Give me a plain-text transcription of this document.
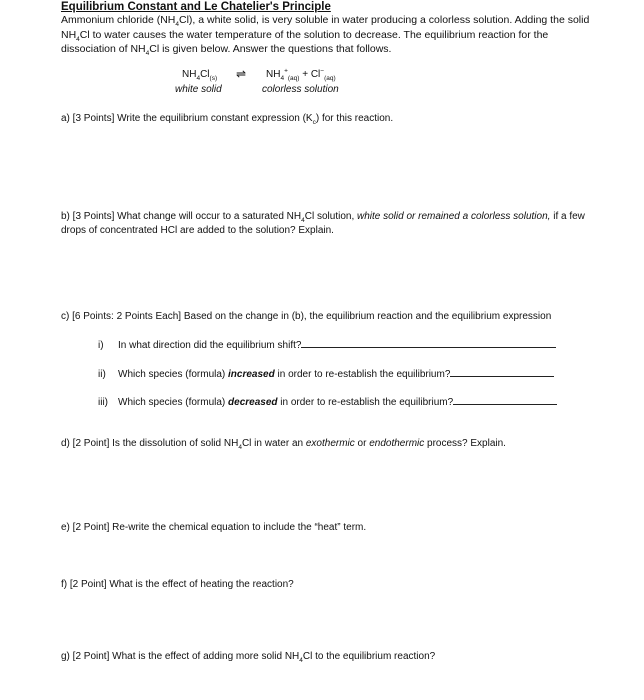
Equilibrium Constant and Le Chatelier's Principle
Ammonium chloride $(NH_4Cl)$, a white solid, is very soluble in water producing a colorless solution. Adding the solid $NH_4Cl$ to water causes the water temperature of the solution to decrease. The equilibrium reaction for the dissociation of $NH_4Cl$ is given below. Answer the questions that follows.
$NH_4Cl_{(s)}$ ⇌ $NH_4^+_{(aq)} + Cl^-_{(aq)}$
white solid	colorless solution
a) [3 Points] Write the equilibrium constant expression $(K_c)$ for this reaction.
b) [3 Points] What change will occur to a saturated $NH_4Cl$ solution, white solid or remained a colorless solution, if a few drops of concentrated HCl are added to the solution? Explain.
c) [6 Points: 2 Points Each] Based on the change in (b), the equilibrium reaction and the equilibrium expression
i) In what direction did the equilibrium shift?
ii) Which species (formula) increased in order to re-establish the equilibrium?
iii) Which species (formula) decreased in order to re-establish the equilibrium?
d) [2 Point] Is the dissolution of solid $NH_4Cl$ in water an exothermic or endothermic process? Explain.
e) [2 Point] Re-write the chemical equation to include the “heat” term.
f) [2 Point] What is the effect of heating the reaction?
g) [2 Point] What is the effect of adding more solid $NH_4Cl$ to the equilibrium reaction?
